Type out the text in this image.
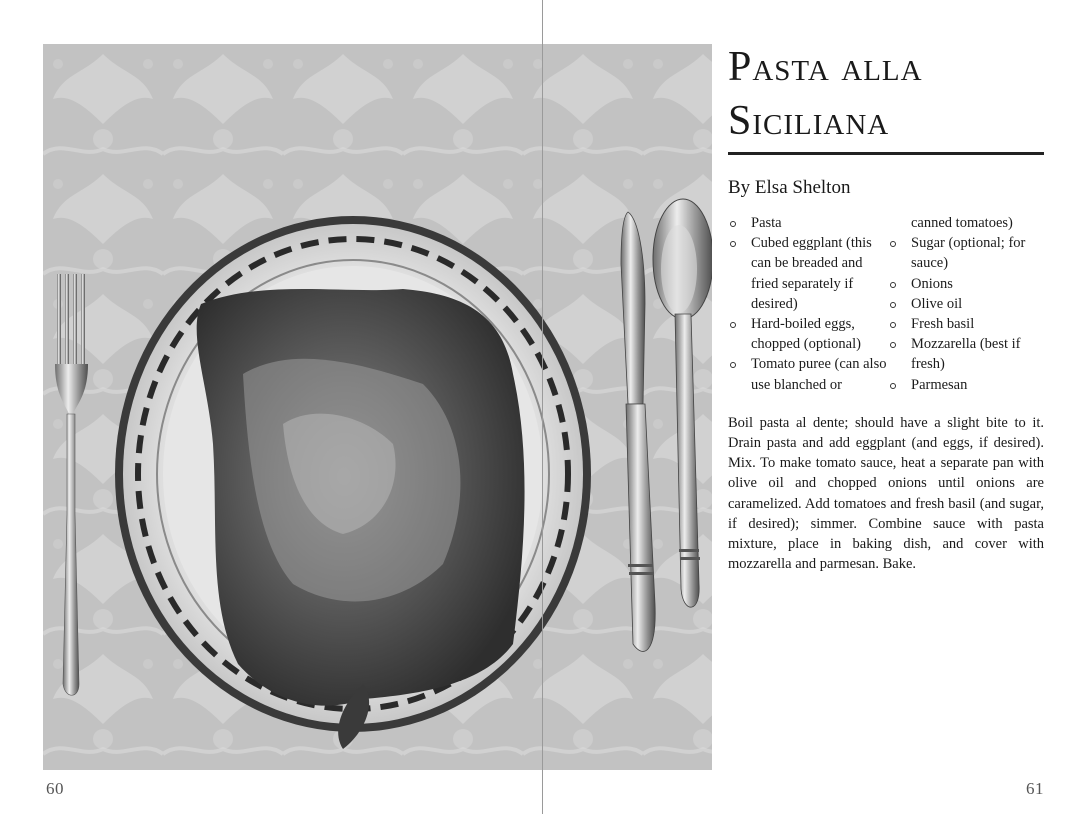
60	61
Pasta alla Siciliana
By Elsa Shelton
Pasta
Cubed eggplant (this can be breaded and fried separately if desired)
Hard-boiled eggs, chopped (optional)
Tomato puree (can also use blanched or
canned tomatoes)
Sugar (optional; for sauce)
Onions
Olive oil
Fresh basil
Mozzarella (best if fresh)
Parmesan

Boil pasta al dente; should have a slight bite to it. Drain pasta and add eggplant (and eggs, if desired). Mix. To make tomato sauce, heat a separate pan with olive oil and chopped onions until onions are caramelized. Add tomatoes and fresh basil (and sugar, if desired); simmer. Combine sauce with pasta mixture, place in baking dish, and cover with mozzarella and parmesan. Bake.
